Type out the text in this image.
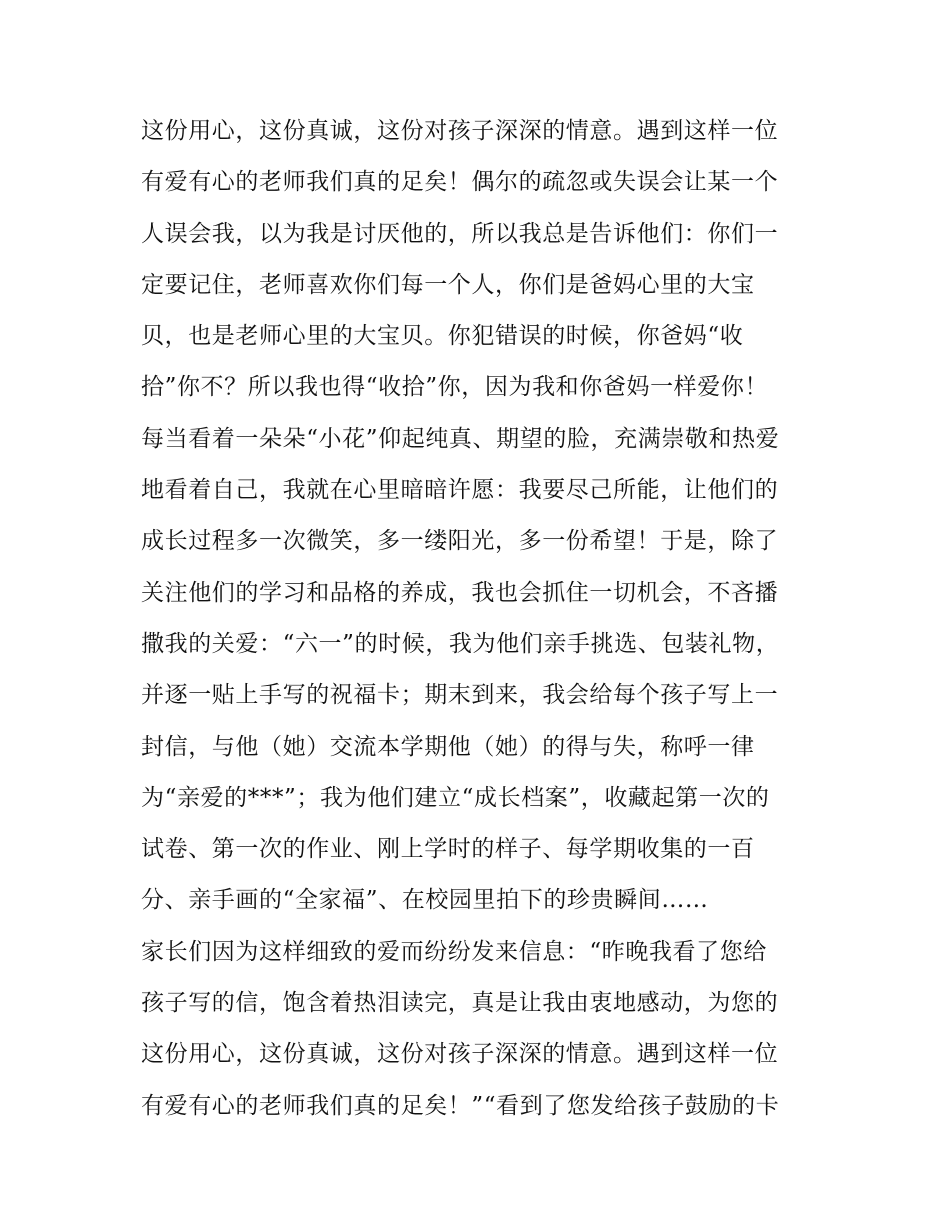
这份用心，这份真诚，这份对孩子深深的情意。遇到这样一位
有爱有心的老师我们真的足矣！偶尔的疏忽或失误会让某一个
人误会我，以为我是讨厌他的，所以我总是告诉他们：你们一
定要记住，老师喜欢你们每一个人，你们是爸妈心里的大宝
贝，也是老师心里的大宝贝。你犯错误的时候，你爸妈“收
拾”你不？所以我也得“收拾”你，因为我和你爸妈一样爱你！
每当看着一朵朵“小花”仰起纯真、期望的脸，充满崇敬和热爱
地看着自己，我就在心里暗暗许愿：我要尽己所能，让他们的
成长过程多一次微笑，多一缕阳光，多一份希望！于是，除了
关注他们的学习和品格的养成，我也会抓住一切机会，不吝播
撒我的关爱：“六一”的时候，我为他们亲手挑选、包装礼物，
并逐一贴上手写的祝福卡；期末到来，我会给每个孩子写上一
封信，与他（她）交流本学期他（她）的得与失，称呼一律
为“亲爱的***”；我为他们建立“成长档案”，收藏起第一次的
试卷、第一次的作业、刚上学时的样子、每学期收集的一百
分、亲手画的“全家福”、在校园里拍下的珍贵瞬间……
家长们因为这样细致的爱而纷纷发来信息：“昨晚我看了您给
孩子写的信，饱含着热泪读完，真是让我由衷地感动，为您的
这份用心，这份真诚，这份对孩子深深的情意。遇到这样一位
有爱有心的老师我们真的足矣！”“看到了您发给孩子鼓励的卡
